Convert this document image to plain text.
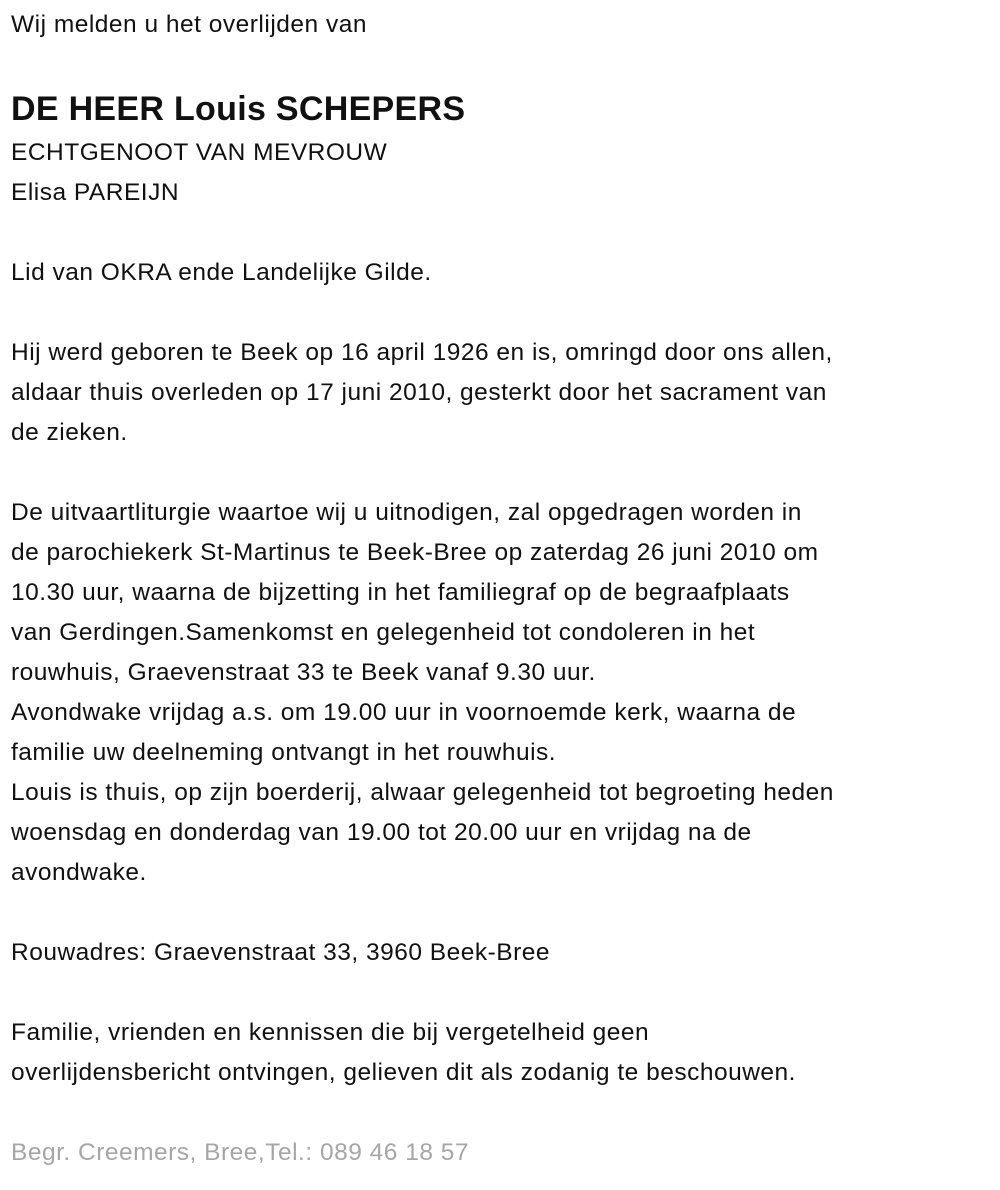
Wij melden u het overlijden van
DE HEER Louis SCHEPERS
ECHTGENOOT VAN MEVROUW
Elisa PAREIJN
Lid van OKRA ende Landelijke Gilde.
Hij werd geboren te Beek op 16 april 1926 en is, omringd door ons allen,
aldaar thuis overleden op 17 juni 2010, gesterkt door het sacrament van
de zieken.
De uitvaartliturgie waartoe wij u uitnodigen, zal opgedragen worden in
de parochiekerk St-Martinus te Beek-Bree op zaterdag 26 juni 2010 om
10.30 uur, waarna de bijzetting in het familiegraf op de begraafplaats
van Gerdingen.Samenkomst en gelegenheid tot condoleren in het
rouwhuis, Graevenstraat 33 te Beek vanaf 9.30 uur.
Avondwake vrijdag a.s. om 19.00 uur in voornoemde kerk, waarna de
familie uw deelneming ontvangt in het rouwhuis.
Louis is thuis, op zijn boerderij, alwaar gelegenheid tot begroeting heden
woensdag en donderdag van 19.00 tot 20.00 uur en vrijdag na de
avondwake.
Rouwadres: Graevenstraat 33, 3960 Beek-Bree
Familie, vrienden en kennissen die bij vergetelheid geen
overlijdensbericht ontvingen, gelieven dit als zodanig te beschouwen.
Begr. Creemers, Bree,Tel.: 089 46 18 57
